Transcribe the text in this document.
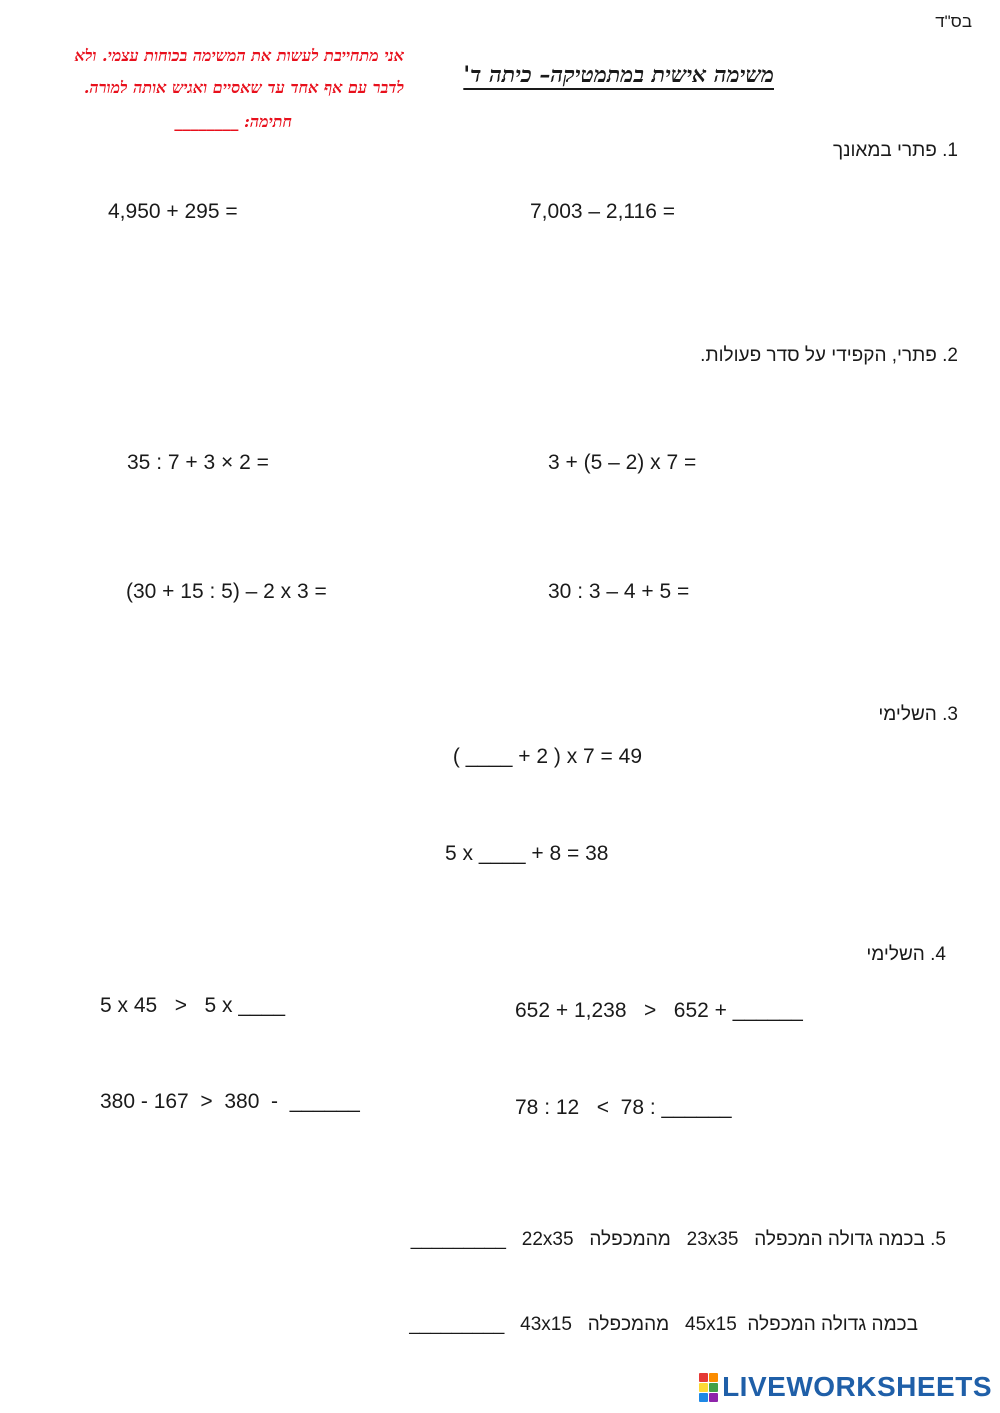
בס"ד
אני מתחייבת לעשות את המשימה בכוחות עצמי. ולא
לדבר עם אף אחד עד שאסיים ואגיש אותה למורה.
חתימה: ________
משימה אישית במתמטיקה– כיתה ד'
1. פתרי במאונך
4,950 + 295 =	7,003 – 2,116 =
2. פתרי, הקפידי על סדר פעולות.
35 : 7 + 3 × 2 =	3 + (5 – 2) x 7 =
(30 + 15 : 5) – 2 x 3 =	30 : 3 – 4 + 5 =
3. השלימי
( ____ + 2 ) x 7 = 49
5 x ____ + 8 = 38
4. השלימי
5 x 45   >   5 x ____	652 + 1,238   >   652 + ______
380 - 167  >  380  -  ______	78 : 12   <  78 : ______
5. בכמה גדולה המכפלה   23x35   מהמכפלה   22x35   _________
בכמה גדולה המכפלה  45x15   מהמכפלה   43x15   _________
LIVEWORKSHEETS
